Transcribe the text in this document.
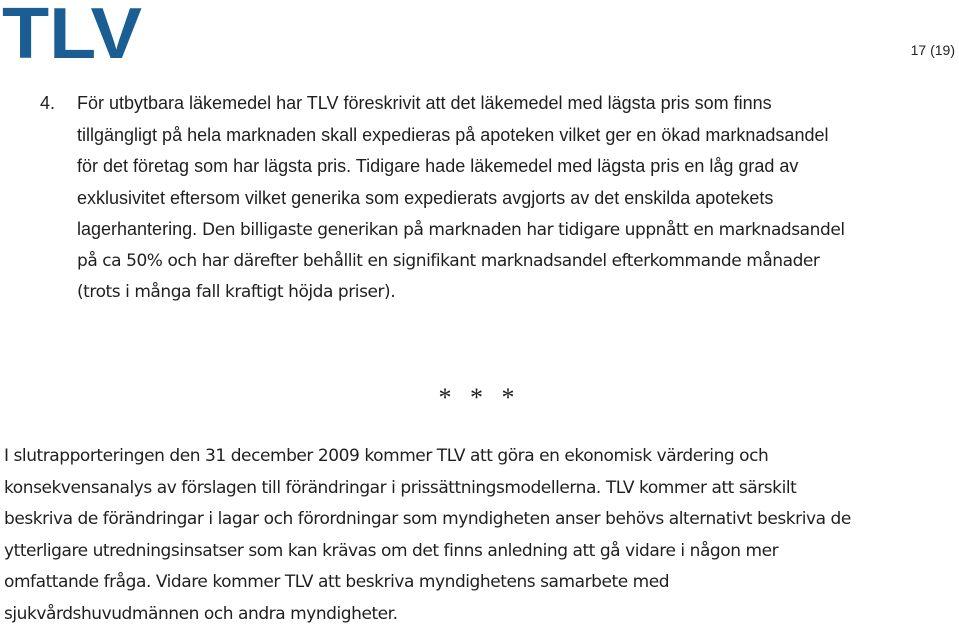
TLV	17 (19)
4. För utbytbara läkemedel har TLV föreskrivit att det läkemedel med lägsta pris som finns
tillgängligt på hela marknaden skall expedieras på apoteken vilket ger en ökad marknadsandel
för det företag som har lägsta pris. Tidigare hade läkemedel med lägsta pris en låg grad av
exklusivitet eftersom vilket generika som expedierats avgjorts av det enskilda apotekets
lagerhantering. Den billigaste generikan på marknaden har tidigare uppnått en marknadsandel
på ca 50% och har därefter behållit en signifikant marknadsandel efterkommande månader
(trots i många fall kraftigt höjda priser).
* * *
I slutrapporteringen den 31 december 2009 kommer TLV att göra en ekonomisk värdering och
konsekvensanalys av förslagen till förändringar i prissättningsmodellerna. TLV kommer att särskilt
beskriva de förändringar i lagar och förordningar som myndigheten anser behövs alternativt beskriva de
ytterligare utredningsinsatser som kan krävas om det finns anledning att gå vidare i någon mer
omfattande fråga. Vidare kommer TLV att beskriva myndighetens samarbete med
sjukvårdshuvudmännen och andra myndigheter.
